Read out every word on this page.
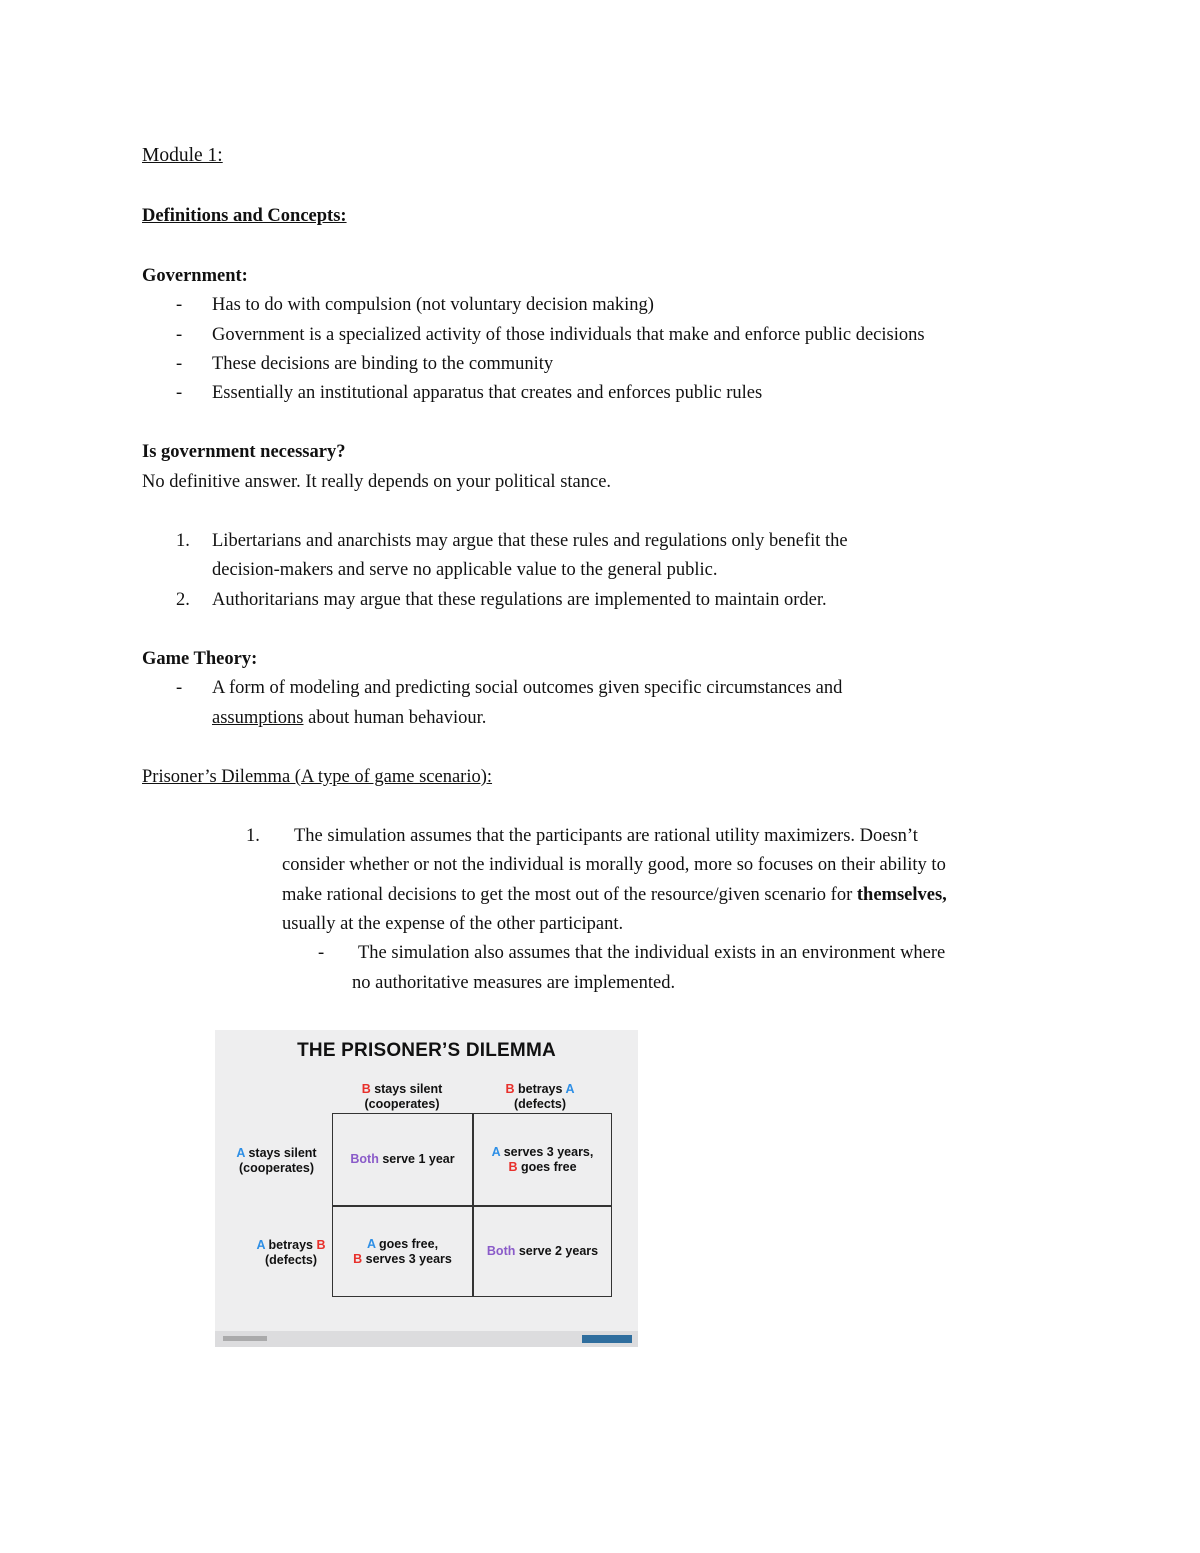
Module 1:
Definitions and Concepts:
Government:
- Has to do with compulsion (not voluntary decision making)
- Government is a specialized activity of those individuals that make and enforce public decisions
- These decisions are binding to the community
- Essentially an institutional apparatus that creates and enforces public rules
Is government necessary?
No definitive answer. It really depends on your political stance.
1. Libertarians and anarchists may argue that these rules and regulations only benefit the
decision-makers and serve no applicable value to the general public.
2. Authoritarians may argue that these regulations are implemented to maintain order.
Game Theory:
- A form of modeling and predicting social outcomes given specific circumstances and
assumptions about human behaviour.
Prisoner’s Dilemma (A type of game scenario):
1. The simulation assumes that the participants are rational utility maximizers. Doesn’t
consider whether or not the individual is morally good, more so focuses on their ability to
make rational decisions to get the most out of the resource/given scenario for themselves,
usually at the expense of the other participant.
- The simulation also assumes that the individual exists in an environment where
no authoritative measures are implemented.
THE PRISONER’S DILEMMA
B stays silent
(cooperates)
B betrays A
(defects)
A stays silent
(cooperates)
A betrays B
(defects)
Both serve 1 year
A serves 3 years,
B goes free
A goes free,
B serves 3 years
Both serve 2 years
